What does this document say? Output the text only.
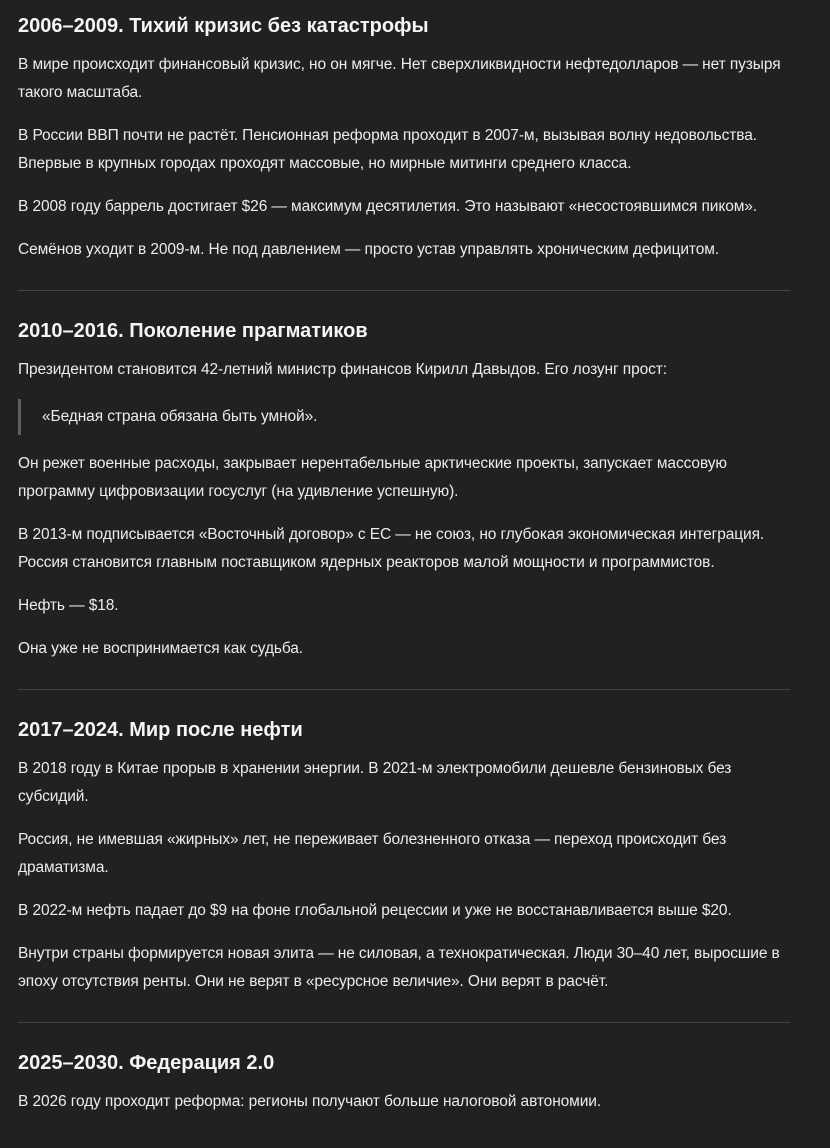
2006–2009. Тихий кризис без катастрофы

В мире происходит финансовый кризис, но он мягче. Нет сверхликвидности нефтедолларов — нет пузыря такого масштаба.

В России ВВП почти не растёт. Пенсионная реформа проходит в 2007-м, вызывая волну недовольства. Впервые в крупных городах проходят массовые, но мирные митинги среднего класса.

В 2008 году баррель достигает $26 — максимум десятилетия. Это называют «несостоявшимся пиком».

Семёнов уходит в 2009-м. Не под давлением — просто устав управлять хроническим дефицитом.

2010–2016. Поколение прагматиков

Президентом становится 42-летний министр финансов Кирилл Давыдов. Его лозунг прост:

«Бедная страна обязана быть умной».

Он режет военные расходы, закрывает нерентабельные арктические проекты, запускает массовую программу цифровизации госуслуг (на удивление успешную).

В 2013-м подписывается «Восточный договор» с ЕС — не союз, но глубокая экономическая интеграция. Россия становится главным поставщиком ядерных реакторов малой мощности и программистов.

Нефть — $18.

Она уже не воспринимается как судьба.

2017–2024. Мир после нефти

В 2018 году в Китае прорыв в хранении энергии. В 2021-м электромобили дешевле бензиновых без субсидий.

Россия, не имевшая «жирных» лет, не переживает болезненного отказа — переход происходит без драматизма.

В 2022-м нефть падает до $9 на фоне глобальной рецессии и уже не восстанавливается выше $20.

Внутри страны формируется новая элита — не силовая, а технократическая. Люди 30–40 лет, выросшие в эпоху отсутствия ренты. Они не верят в «ресурсное величие». Они верят в расчёт.

2025–2030. Федерация 2.0

В 2026 году проходит реформа: регионы получают больше налоговой автономии.
